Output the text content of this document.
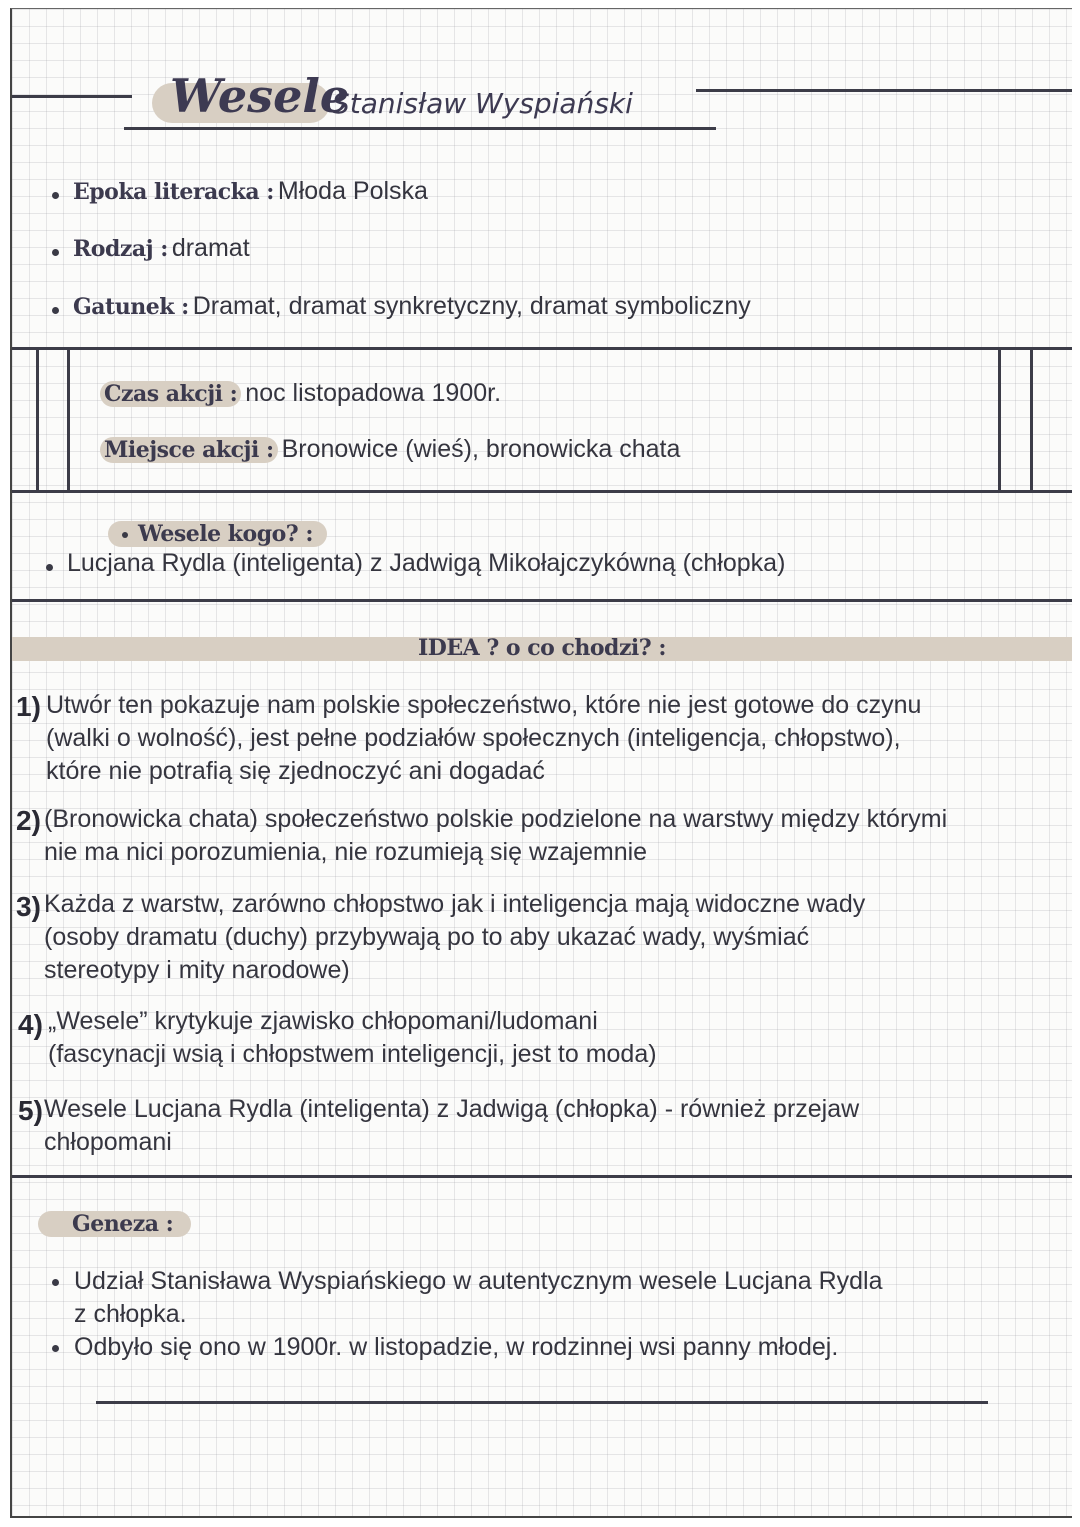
Wesele
Stanisław Wyspiański
Epoka literacka : Młoda Polska
Rodzaj : dramat
Gatunek : Dramat, dramat synkretyczny, dramat symboliczny
Czas akcji : noc listopadowa 1900r.
Miejsce akcji : Bronowice (wieś), bronowicka chata
Wesele kogo? :
Lucjana Rydla (inteligenta) z Jadwigą Mikołajczykówną (chłopka)
IDEA ? o co chodzi? :
1) Utwór ten pokazuje nam polskie społeczeństwo, które nie jest gotowe do czynu
(walki o wolność), jest pełne podziałów społecznych (inteligencja, chłopstwo),
które nie potrafią się zjednoczyć ani dogadać
2) (Bronowicka chata) społeczeństwo polskie podzielone na warstwy między którymi
nie ma nici porozumienia, nie rozumieją się wzajemnie
3) Każda z warstw, zarówno chłopstwo jak i inteligencja mają widoczne wady
(osoby dramatu (duchy) przybywają po to aby ukazać wady, wyśmiać
stereotypy i mity narodowe)
4) „Wesele” krytykuje zjawisko chłopomani/ludomani
(fascynacji wsią i chłopstwem inteligencji, jest to moda)
5) Wesele Lucjana Rydla (inteligenta) z Jadwigą (chłopka) - również przejaw
chłopomani
Geneza :
Udział Stanisława Wyspiańskiego w autentycznym wesele Lucjana Rydla
z chłopka.
Odbyło się ono w 1900r. w listopadzie, w rodzinnej wsi panny młodej.
